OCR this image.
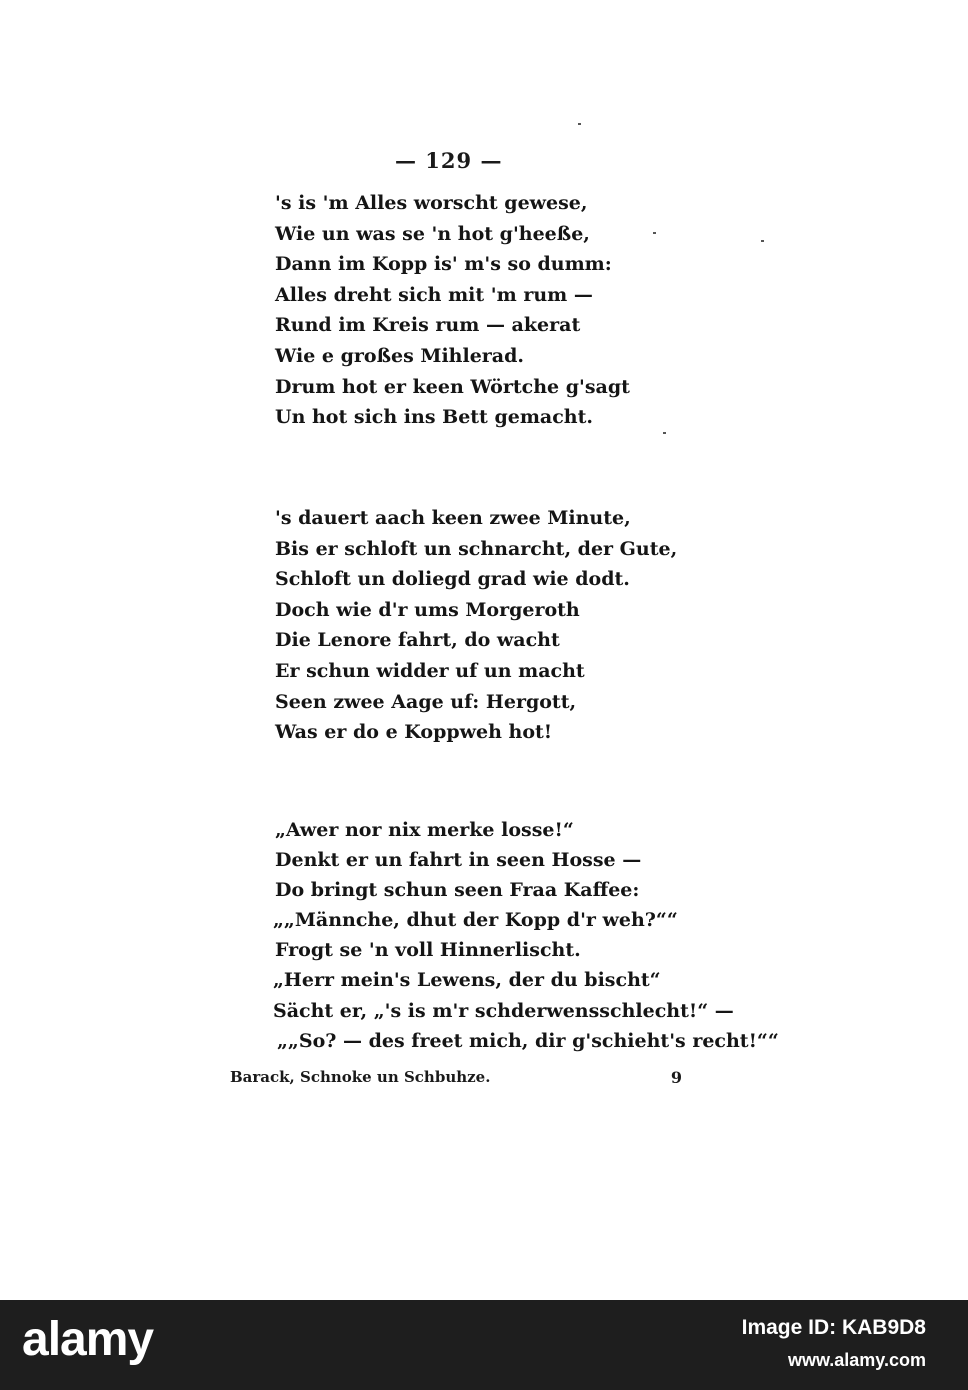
— 129 —
's is 'm Alles worscht gewese,
Wie un was se 'n hot g'heeße,
Dann im Kopp is' m's so dumm:
Alles dreht sich mit 'm rum —
Rund im Kreis rum — akerat
Wie e großes Mihlerad.
Drum hot er keen Wörtche g'sagt
Un hot sich ins Bett gemacht.
's dauert aach keen zwee Minute,
Bis er schloft un schnarcht, der Gute,
Schloft un doliegd grad wie dodt.
Doch wie d'r ums Morgeroth
Die Lenore fahrt, do wacht
Er schun widder uf un macht
Seen zwee Aage uf: Hergott,
Was er do e Koppweh hot!
„Awer nor nix merke losse!“
Denkt er un fahrt in seen Hosse —
Do bringt schun seen Fraa Kaffee:
„„Männche, dhut der Kopp d'r weh?““
Frogt se 'n voll Hinnerlischt.
„Herr mein's Lewens, der du bischt“
Sächt er, „'s is m'r schderwensschlecht!“ —
„„So? — des freet mich, dir g'schieht's recht!““
Barack, Schnoke un Schbuhze.	9
alamy	Image ID: KAB9D8
www.alamy.com
